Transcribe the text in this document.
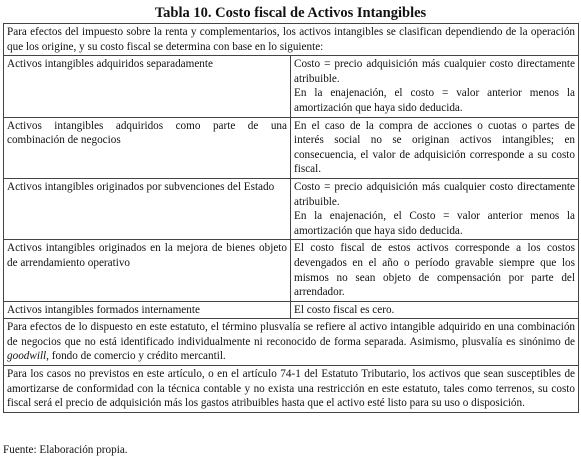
Tabla 10. Costo fiscal de Activos Intangibles
Para efectos del impuesto sobre la renta y complementarios, los activos intangibles se clasifican dependiendo de la operación que los origine, y su costo fiscal se determina con base en lo siguiente:	
Activos intangibles adquiridos separadamente	Costo = precio adquisición más cualquier costo directamente atribuible.
En la enajenación, el costo = valor anterior menos la amortización que haya sido deducida.

Activos intangibles adquiridos como parte de una combinación de negocios	En el caso de la compra de acciones o cuotas o partes de interés social no se originan activos intangibles; en consecuencia, el valor de adquisición corresponde a su costo fiscal.

Activos intangibles originados por subvenciones del Estado	Costo = precio adquisición más cualquier costo directamente atribuible.
En la enajenación, el Costo = valor anterior menos la amortización que haya sido deducida.

Activos intangibles originados en la mejora de bienes objeto de arrendamiento operativo	El costo fiscal de estos activos corresponde a los costos devengados en el año o período gravable siempre que los mismos no sean objeto de compensación por parte del arrendador.

Activos intangibles formados internamente	El costo fiscal es cero.

Para efectos de lo dispuesto en este estatuto, el término plusvalía se refiere al activo intangible adquirido en una combinación de negocios que no está identificado individualmente ni reconocido de forma separada. Asimismo, plusvalía es sinónimo de goodwill, fondo de comercio y crédito mercantil.	
Para los casos no previstos en este artículo, o en el artículo 74-1 del Estatuto Tributario, los activos que sean susceptibles de amortizarse de conformidad con la técnica contable y no exista una restricción en este estatuto, tales como terrenos, su costo fiscal será el precio de adquisición más los gastos atribuibles hasta que el activo esté listo para su uso o disposición.	
Fuente: Elaboración propia.
